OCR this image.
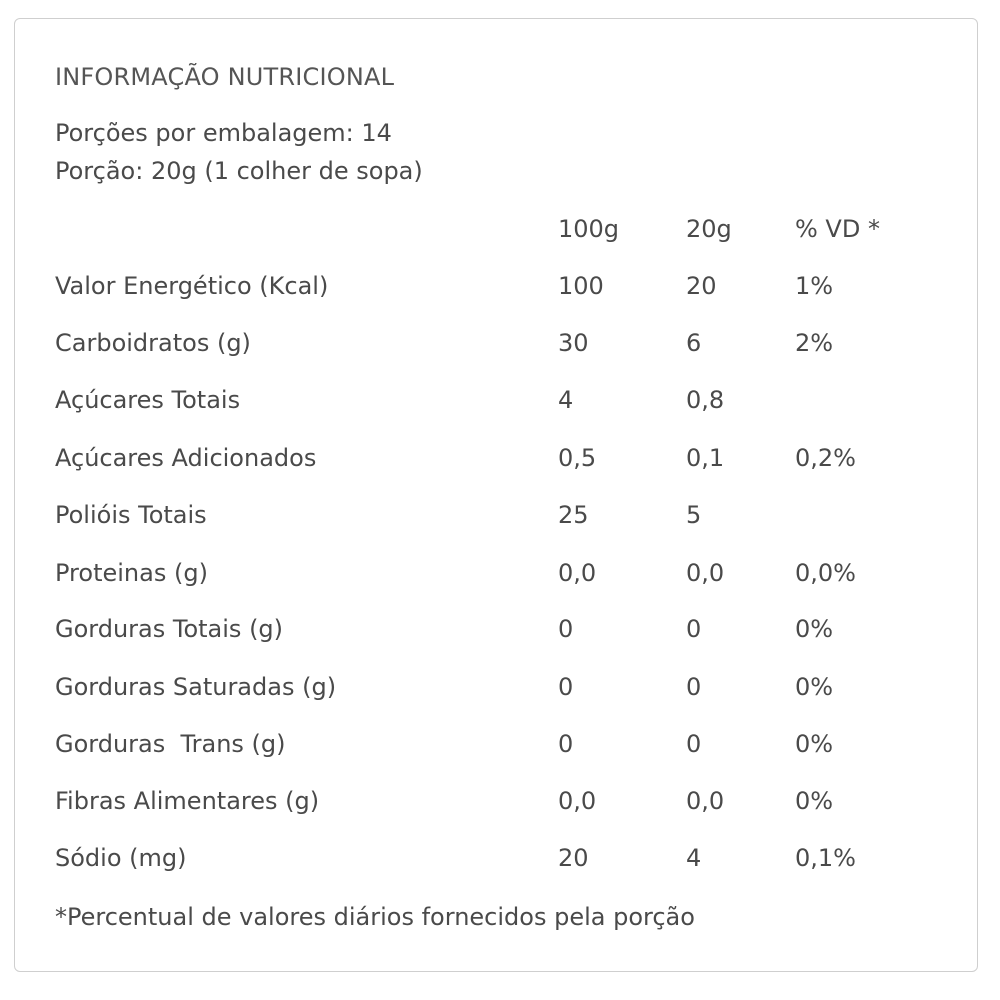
INFORMAÇÃO NUTRICIONAL
Porções por embalagem: 14
Porção: 20g (1 colher de sopa)
100g	20g	% VD *
Valor Energético (Kcal)	100	20	1%
Carboidratos (g)	30	6	2%
Açúcares Totais	4	0,8
Açúcares Adicionados	0,5	0,1	0,2%
Polióis Totais	25	5
Proteinas (g)	0,0	0,0	0,0%
Gorduras Totais (g)	0	0	0%
Gorduras Saturadas (g)	0	0	0%
Gorduras  Trans (g)	0	0	0%
Fibras Alimentares (g)	0,0	0,0	0%
Sódio (mg)	20	4	0,1%
*Percentual de valores diários fornecidos pela porção
